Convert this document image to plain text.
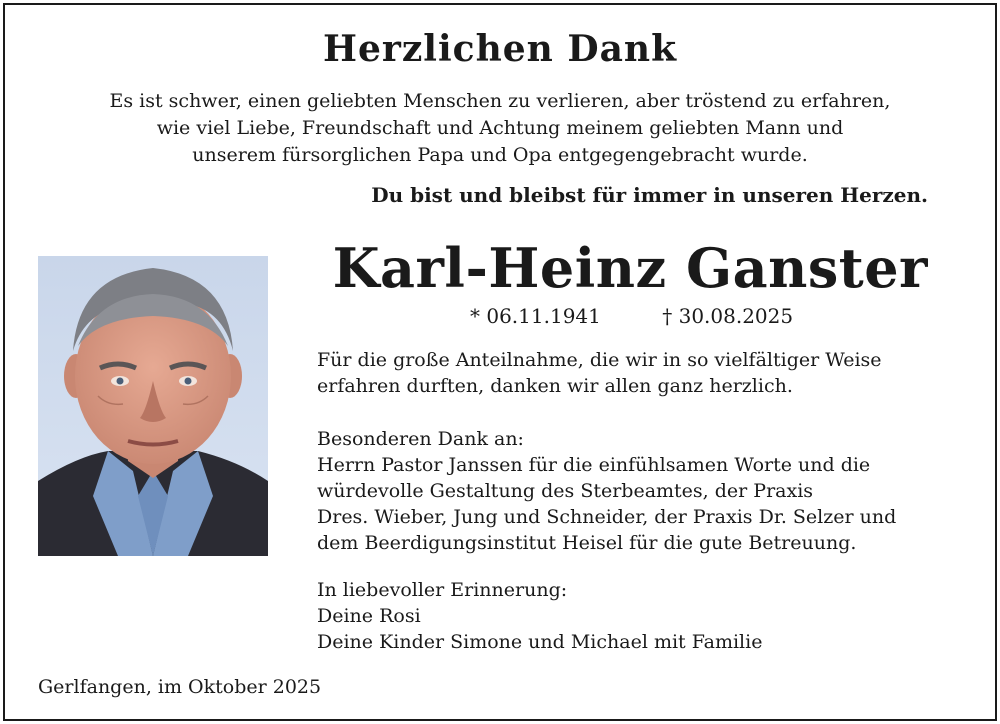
Herzlichen Dank
Es ist schwer, einen geliebten Menschen zu verlieren, aber tröstend zu erfahren,
wie viel Liebe, Freundschaft und Achtung meinem geliebten Mann und
unserem fürsorglichen Papa und Opa entgegengebracht wurde.
Du bist und bleibst für immer in unseren Herzen.
Karl-Heinz Ganster
* 06.11.1941	† 30.08.2025
Für die große Anteilnahme, die wir in so vielfältiger Weise
erfahren durften, danken wir allen ganz herzlich.
Besonderen Dank an:
Herrn Pastor Janssen für die einfühlsamen Worte und die
würdevolle Gestaltung des Sterbeamtes, der Praxis
Dres. Wieber, Jung und Schneider, der Praxis Dr. Selzer und
dem Beerdigungsinstitut Heisel für die gute Betreuung.
In liebevoller Erinnerung:
Deine Rosi
Deine Kinder Simone und Michael mit Familie
Gerlfangen, im Oktober 2025
